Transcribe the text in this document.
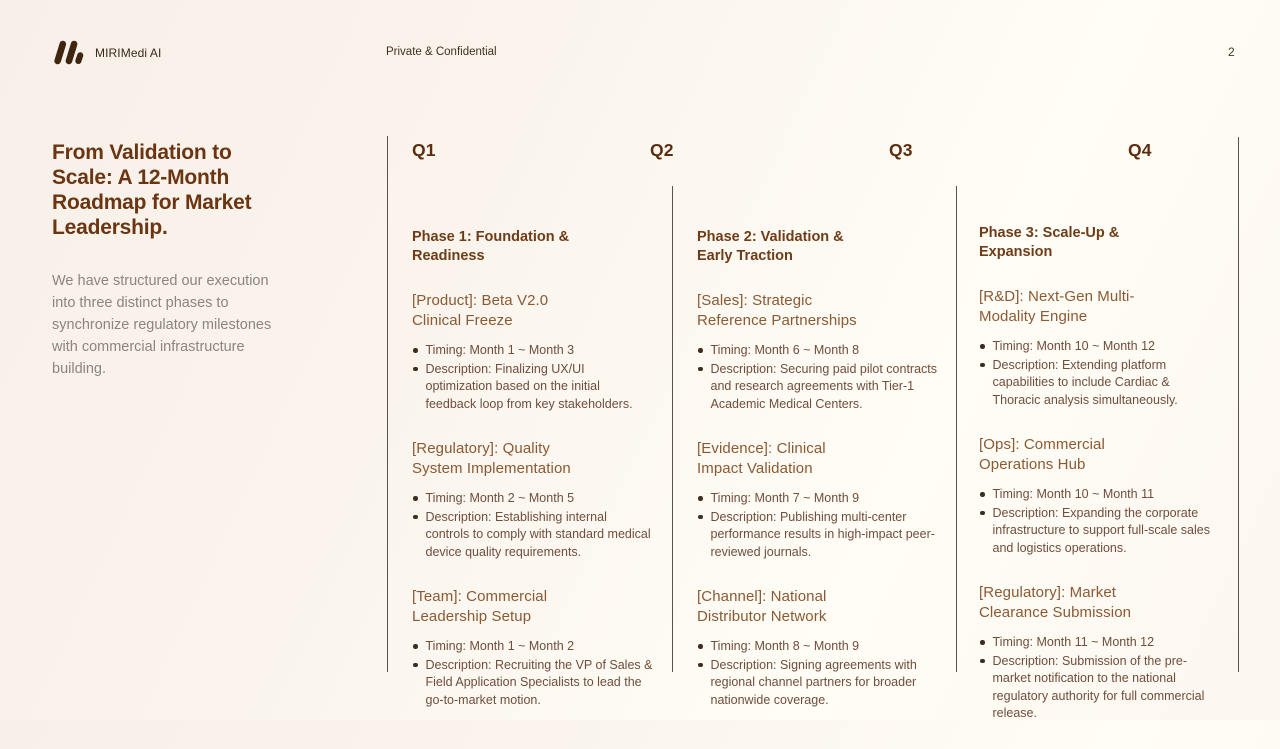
MIRIMedi AI	Private & Confidential	2
From Validation to Scale: A 12-Month Roadmap for Market Leadership.

We have structured our execution into three distinct phases to synchronize regulatory milestones with commercial infrastructure building.

Q1	Q2	Q3	Q4
Phase 1: Foundation & Readiness
[Product]: Beta V2.0 Clinical Freeze
Timing: Month 1 ~ Month 3
Description: Finalizing UX/UI optimization based on the initial feedback loop from key stakeholders.
[Regulatory]: Quality System Implementation
Timing: Month 2 ~ Month 5
Description: Establishing internal controls to comply with standard medical device quality requirements.
[Team]: Commercial Leadership Setup
Timing: Month 1 ~ Month 2
Description: Recruiting the VP of Sales & Field Application Specialists to lead the go-to-market motion.
Phase 2: Validation & Early Traction
[Sales]: Strategic Reference Partnerships
Timing: Month 6 ~ Month 8
Description: Securing paid pilot contracts and research agreements with Tier-1 Academic Medical Centers.
[Evidence]: Clinical Impact Validation
Timing: Month 7 ~ Month 9
Description: Publishing multi-center performance results in high-impact peer-reviewed journals.
[Channel]: National Distributor Network
Timing: Month 8 ~ Month 9
Description: Signing agreements with regional channel partners for broader nationwide coverage.
Phase 3: Scale-Up & Expansion
[R&D]: Next-Gen Multi-Modality Engine
Timing: Month 10 ~ Month 12
Description: Extending platform capabilities to include Cardiac & Thoracic analysis simultaneously.
[Ops]: Commercial Operations Hub
Timing: Month 10 ~ Month 11
Description: Expanding the corporate infrastructure to support full-scale sales and logistics operations.
[Regulatory]: Market Clearance Submission
Timing: Month 11 ~ Month 12
Description: Submission of the pre-market notification to the national regulatory authority for full commercial release.
